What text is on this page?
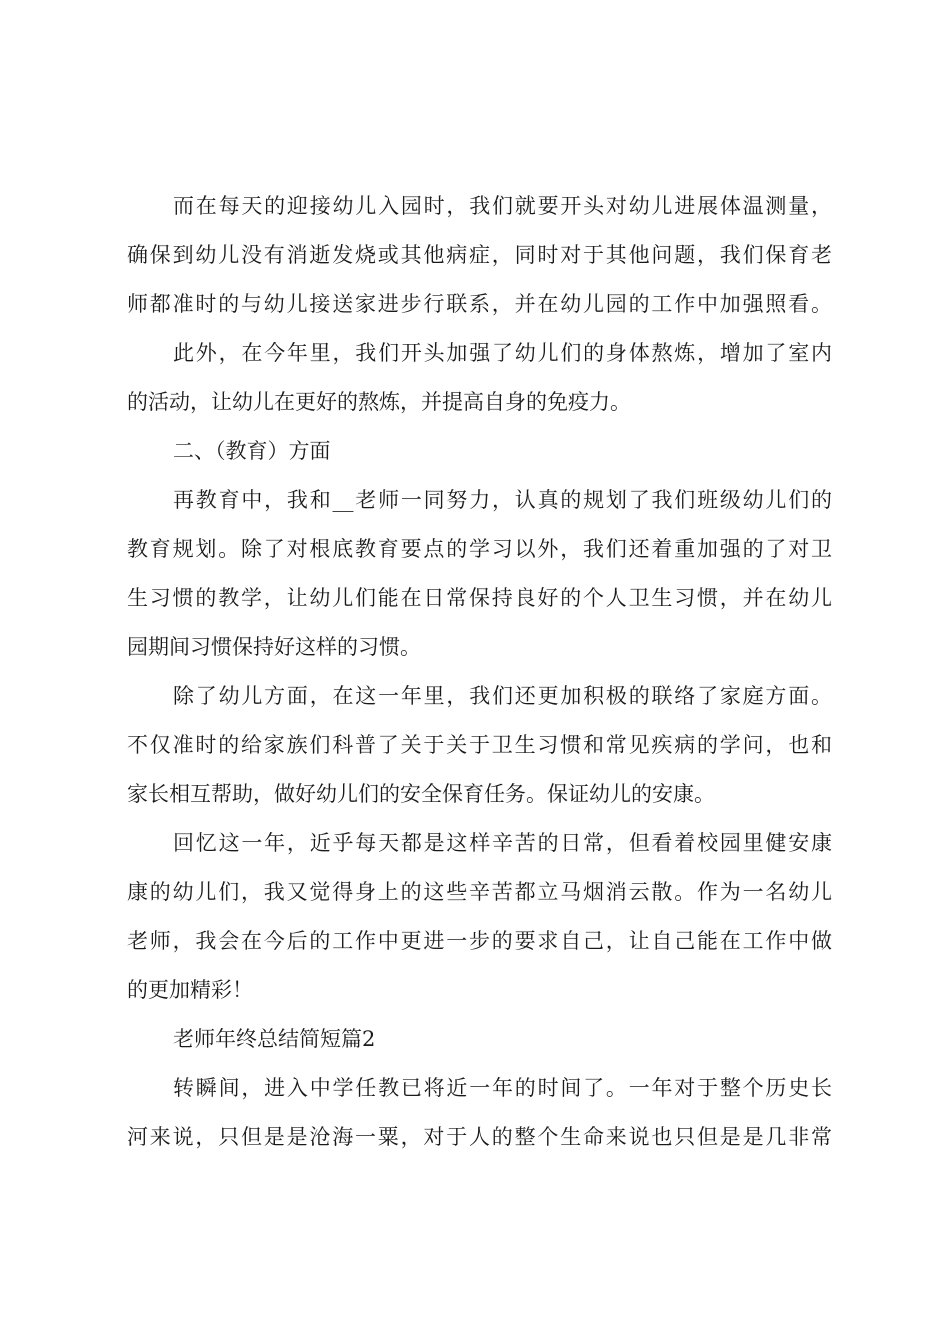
而在每天的迎接幼儿入园时，我们就要开头对幼儿进展体温测量，
确保到幼儿没有消逝发烧或其他病症，同时对于其他问题，我们保育老
师都准时的与幼儿接送家进步行联系，并在幼儿园的工作中加强照看。
此外，在今年里，我们开头加强了幼儿们的身体熬炼，增加了室内
的活动，让幼儿在更好的熬炼，并提高自身的免疫力。
二、（教育）方面
再教育中，我和__老师一同努力，认真的规划了我们班级幼儿们的
教育规划。除了对根底教育要点的学习以外，我们还着重加强的了对卫
生习惯的教学，让幼儿们能在日常保持良好的个人卫生习惯，并在幼儿
园期间习惯保持好这样的习惯。
除了幼儿方面，在这一年里，我们还更加积极的联络了家庭方面。
不仅准时的给家族们科普了关于关于卫生习惯和常见疾病的学问，也和
家长相互帮助，做好幼儿们的安全保育任务。保证幼儿的安康。
回忆这一年，近乎每天都是这样辛苦的日常，但看着校园里健安康
康的幼儿们，我又觉得身上的这些辛苦都立马烟消云散。作为一名幼儿
老师，我会在今后的工作中更进一步的要求自己，让自己能在工作中做
的更加精彩！
老师年终总结简短篇2
转瞬间，进入中学任教已将近一年的时间了。一年对于整个历史长
河来说，只但是是沧海一粟，对于人的整个生命来说也只但是是几非常
